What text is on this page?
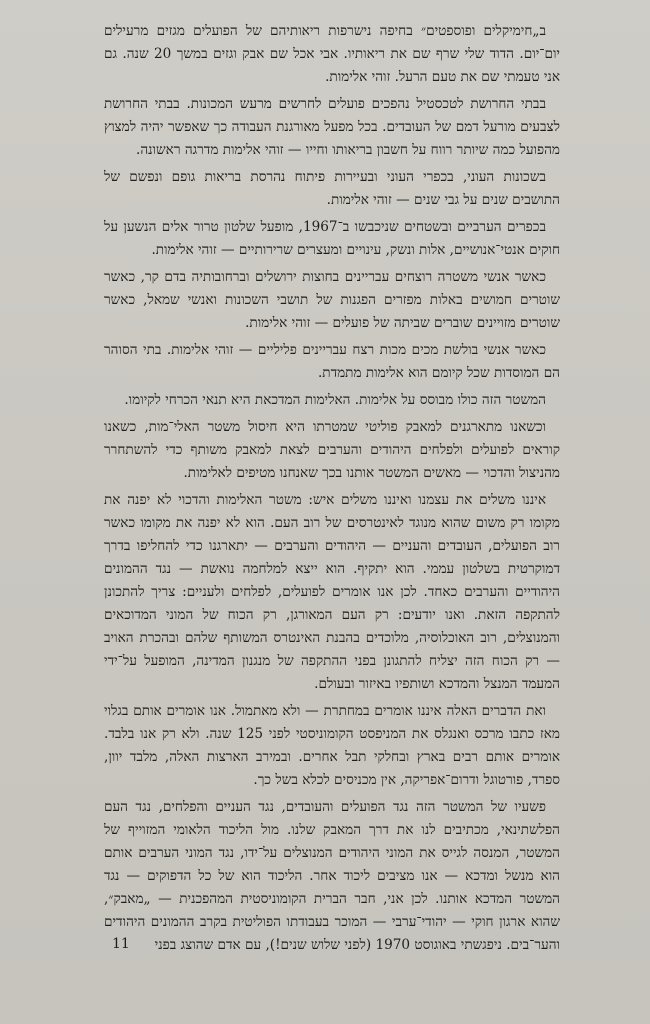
ב„חימיקלים ופוספטים״ בחיפה נישרפות ריאותיהם של הפועלים מגזים מרעילים יום־יום. הדוד שלי שרף שם את ריאותיו. אבי אכל שם אבק וגזים במשך 20 שנה. גם אני טעמתי שם את טעם הרעל. זוהי אלימות.

בבתי החרושת לטכסטיל נהפכים פועלים לחרשים מרעש המכונות. בבתי החרושת לצבעים מורעל דמם של העובדים. בכל מפעל מאורגנת העבודה כך שאפשר יהיה למצוץ מהפועל כמה שיותר רווח על חשבון בריאותו וחייו — זוהי אלימות מדרגה ראשונה.

בשכונות העוני, בכפרי העוני ובעיירות פיתוח נהרסת בריאות גופם ונפשם של התושבים שנים על גבי שנים — זוהי אלימות.

בכפרים הערביים ובשטחים שניכבשו ב־1967, מופעל שלטון טרור אלים הנשען על חוקים אנטי־אנושיים, אלות ונשק, עינויים ומעצרים שרירותיים — זוהי אלימות.

כאשר אנשי משטרה רוצחים עבריינים בחוצות ירושלים וברחובותיה בדם קר, כאשר שוטרים חמושים באלות מפזרים הפגנות של תושבי השכונות ואנשי שמאל, כאשר שוטרים מזויינים שוברים שביתה של פועלים — זוהי אלימות.

כאשר אנשי בולשת מכים מכות רצח עבריינים פליליים — זוהי אלימות. בתי הסוהר הם המוסדות שכל קיומם הוא אלימות מתמדת.

המשטר הזה כולו מבוסס על אלימות. האלימות המדכאת היא תנאי הכרחי לקיומו.

וכשאנו מתארגנים למאבק פוליטי שמטרתו היא חיסול משטר האלי־מות, כשאנו קוראים לפועלים ולפלחים היהודים והערבים לצאת למאבק משותף כדי להשתחרר מהניצול והדכוי — מאשים המשטר אותנו בכך שאנחנו מטיפים לאלימות.

איננו משלים את עצמנו ואיננו משלים איש: משטר האלימות והדכוי לא יפנה את מקומו רק משום שהוא מנוגד לאינטרסים של רוב העם. הוא לא יפנה את מקומו כאשר רוב הפועלים, העובדים והעניים — היהודים והערבים — יתארגנו כדי להחליפו בדרך דמוקרטית בשלטון עממי. הוא יתקיף. הוא ייצא למלחמה נואשת — נגד ההמונים היהודיים והערבים כאחד. לכן אנו אומרים לפועלים, לפלחים ולעניים: צריך להתכונן להתקפה הזאת. ואנו יודעים: רק העם המאורגן, רק הכוח של המוני המדוכאים והמנוצלים, רוב האוכלוסיה, מלוכדים בהבנת האינטרס המשותף שלהם ובהכרת האויב — רק הכוח הזה יצליח להתגונן בפני ההתקפה של מנגנון המדינה, המופעל על־ידי המעמד המנצל והמדכא ושותפיו באיזור ובעולם.

ואת הדברים האלה איננו אומרים במחתרת — ולא מאתמול. אנו אומרים אותם בגלוי מאז כתבו מרכס ואנגלס את המניפסט הקומוניסטי לפני 125 שנה. ולא רק אנו בלבד. אומרים אותם רבים בארץ ובחלקי תבל אחרים. ובמירב הארצות האלה, מלבד יוון, ספרד, פורטוגל ודרום־אפריקה, אין מכניסים לכלא בשל כך.

פשעיו של המשטר הזה נגד הפועלים והעובדים, נגד העניים והפלחים, נגד העם הפלשתינאי, מכתיבים לנו את דרך המאבק שלנו. מול הליכוד הלאומי המזוייף של המשטר, המנסה לגייס את המוני היהודים המנוצלים על־ידו, נגד המוני הערבים אותם הוא מנשל ומדכא — אנו מציבים ליכוד אחר. הליכוד הוא של כל הדפוקים — נגד המשטר המדכא אותנו. לכן אני, חבר הברית הקומוניסטית המהפכנית — „מאבק״, שהוא ארגון חוקי — יהודי־ערבי — המוכר בעבודתו הפוליטית בקרב ההמונים היהודים והער־בים. ניפגשתי באוגוסט 1970 (לפני שלוש שנים!), עם אדם שהוצג בפני

11
